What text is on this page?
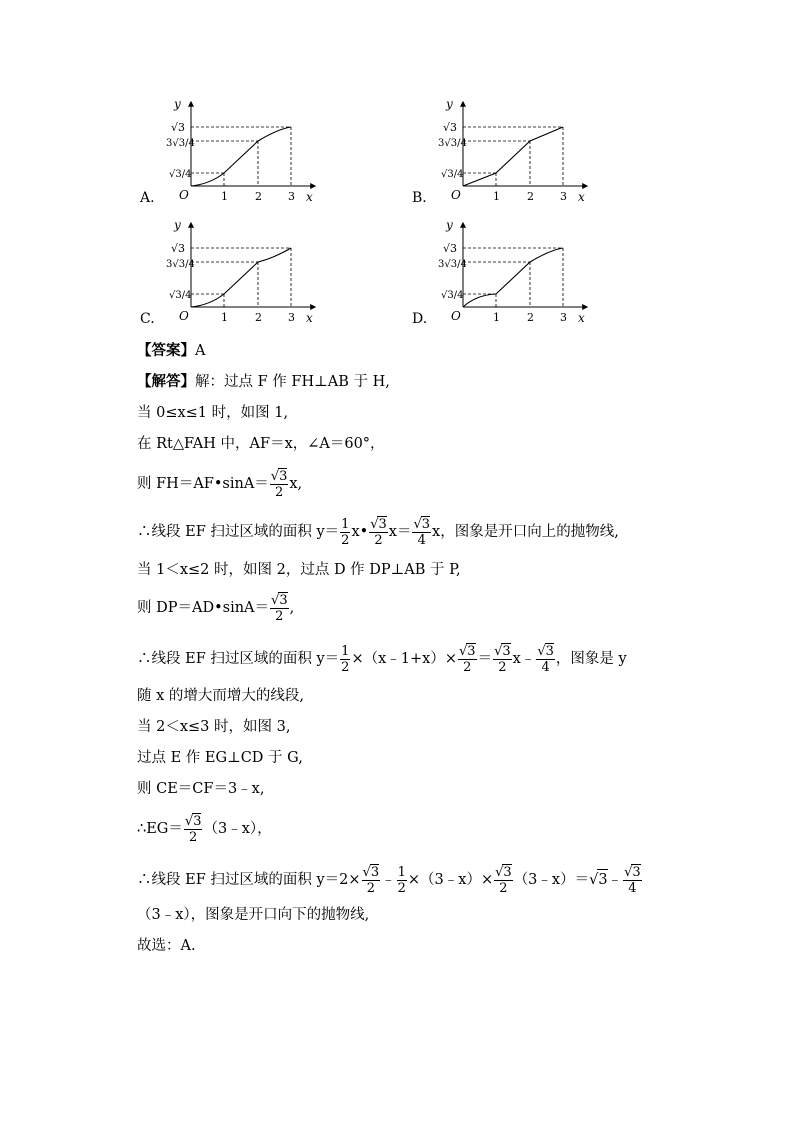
y
x
O	1 2 3
√3
3√3/4
√3/4
A.
y
x
O	1 2 3
√3
3√3/4
√3/4
B.
y
x
O	1 2 3
√3
3√3/4
√3/4
C.
y
x
O	1 2 3
√3
3√3/4
√3/4
D.
【答案】A
【解答】解：过点 F 作 FH⊥AB 于 H,
当 0≤x≤1 时，如图 1,
在 Rt△FAH 中，AF＝x，∠A＝60°，
则 FH＝AF•sinA＝ $\frac{√3}{2} x$,
∴线段 EF 扫过区域的面积 $y= \frac{1}{2}$ x• $\frac{√3}{2} x= \frac{√3}{4}$ x，图象是开口向上的抛物线,
当 1＜x≤2 时，如图 2，过点 D 作 DP⊥AB 于 P,
则 DP＝AD•sinA＝ $\frac{√3}{2}$ ,
∴线段 EF 扫过区域的面积 $y= \frac{1}{2}$ ×（x﹣1+x）× $\frac{√3}{2} = \frac{√3}{2}$ x﹣ $\frac{√3}{4}$ ，图象是 y
随 x 的增大而增大的线段,
当 2＜x≤3 时，如图 3,
过点 E 作 EG⊥CD 于 G,
则 CE＝CF＝3﹣x,
∴EG＝ $\frac{√3}{2}$ （3﹣x），
∴线段 EF 扫过区域的面积 $y=2\times \frac{√3}{2}$ ﹣ $\frac{1}{2}$ ×（3﹣x）× $\frac{√3}{2}$ （3﹣x）＝√3﹣ $\frac{√3}{4}$
（3﹣x），图象是开口向下的抛物线,
故选：A.
